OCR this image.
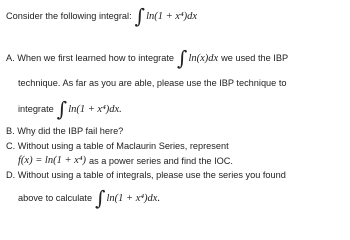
Consider the following integral: ∫ ln(1 + x⁴)dx
A. When we first learned how to integrate ∫ ln(x)dx we used the IBP
technique. As far as you are able, please use the IBP technique to
integrate ∫ ln(1 + x⁴)dx.
B. Why did the IBP fail here?
C. Without using a table of Maclaurin Series, represent
f(x) = ln(1 + x⁴) as a power series and find the IOC.
D. Without using a table of integrals, please use the series you found
above to calculate ∫ ln(1 + x⁴)dx.
